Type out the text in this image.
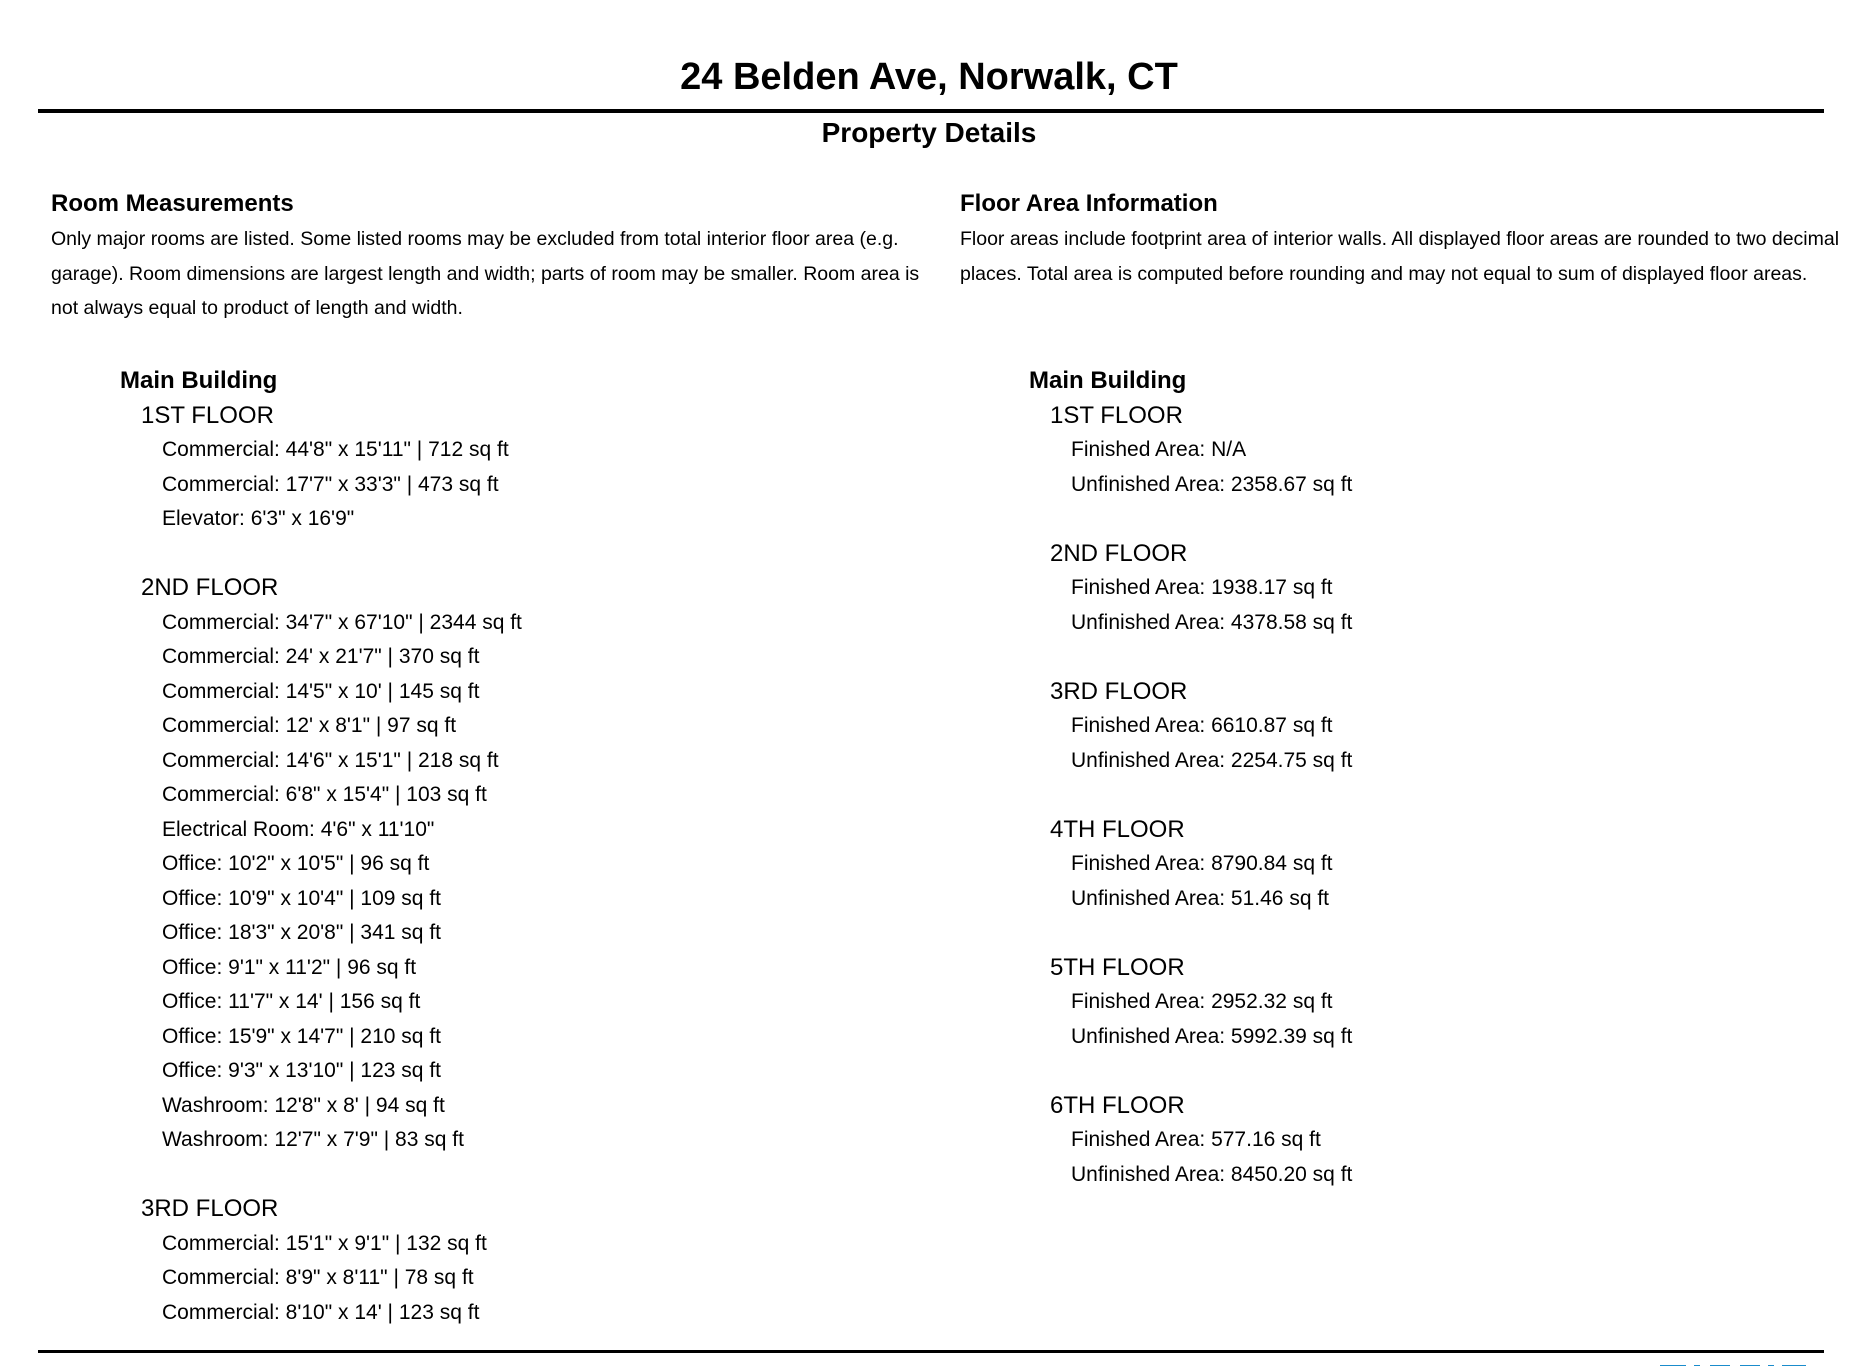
24 Belden Ave, Norwalk, CT
Property Details
Room Measurements
Only major rooms are listed. Some listed rooms may be excluded from total interior floor area (e.g. garage). Room dimensions are largest length and width; parts of room may be smaller. Room area is not always equal to product of length and width.
Main Building
1ST FLOOR
Commercial: 44'8" x 15'11" | 712 sq ft
Commercial: 17'7" x 33'3" | 473 sq ft
Elevator: 6'3" x 16'9"
2ND FLOOR
Commercial: 34'7" x 67'10" | 2344 sq ft
Commercial: 24' x 21'7" | 370 sq ft
Commercial: 14'5" x 10' | 145 sq ft
Commercial: 12' x 8'1" | 97 sq ft
Commercial: 14'6" x 15'1" | 218 sq ft
Commercial: 6'8" x 15'4" | 103 sq ft
Electrical Room: 4'6" x 11'10"
Office: 10'2" x 10'5" | 96 sq ft
Office: 10'9" x 10'4" | 109 sq ft
Office: 18'3" x 20'8" | 341 sq ft
Office: 9'1" x 11'2" | 96 sq ft
Office: 11'7" x 14' | 156 sq ft
Office: 15'9" x 14'7" | 210 sq ft
Office: 9'3" x 13'10" | 123 sq ft
Washroom: 12'8" x 8' | 94 sq ft
Washroom: 12'7" x 7'9" | 83 sq ft
3RD FLOOR
Commercial: 15'1" x 9'1" | 132 sq ft
Commercial: 8'9" x 8'11" | 78 sq ft
Commercial: 8'10" x 14' | 123 sq ft
Floor Area Information
Floor areas include footprint area of interior walls. All displayed floor areas are rounded to two decimal places. Total area is computed before rounding and may not equal to sum of displayed floor areas.
Main Building
1ST FLOOR
Finished Area: N/A
Unfinished Area: 2358.67 sq ft
2ND FLOOR
Finished Area: 1938.17 sq ft
Unfinished Area: 4378.58 sq ft
3RD FLOOR
Finished Area: 6610.87 sq ft
Unfinished Area: 2254.75 sq ft
4TH FLOOR
Finished Area: 8790.84 sq ft
Unfinished Area: 51.46 sq ft
5TH FLOOR
Finished Area: 2952.32 sq ft
Unfinished Area: 5992.39 sq ft
6TH FLOOR
Finished Area: 577.16 sq ft
Unfinished Area: 8450.20 sq ft
